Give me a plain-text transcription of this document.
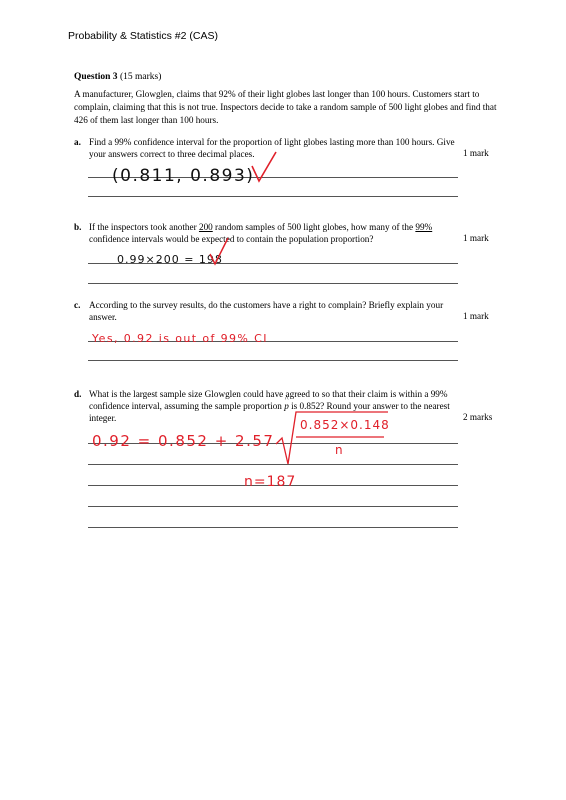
Probability & Statistics #2 (CAS)
Question 3 (15 marks)
A manufacturer, Glowglen, claims that 92% of their light globes last longer than 100 hours. Customers start to complain, claiming that this is not true. Inspectors decide to take a random sample of 500 light globes and find that 426 of them last longer than 100 hours.
a. Find a 99% confidence interval for the proportion of light globes lasting more than 100 hours. Give your answers correct to three decimal places.	1 mark
b. If the inspectors took another 200 random samples of 500 light globes, how many of the 99% confidence intervals would be expected to contain the population proportion?	1 mark
c. According to the survey results, do the customers have a right to complain? Briefly explain your answer.	1 mark
d. What is the largest sample size Glowglen could have agreed to so that their claim is within a 99% confidence interval, assuming the sample proportion ^ p is 0.852? Round your answer to the nearest integer.	2 marks
(0.811, 0.893)
0.99×200 = 198
Yes, 0.92 is out of 99% CI
0.92 = 0.852 + 2.57
0.852×0.148
n
n=187
